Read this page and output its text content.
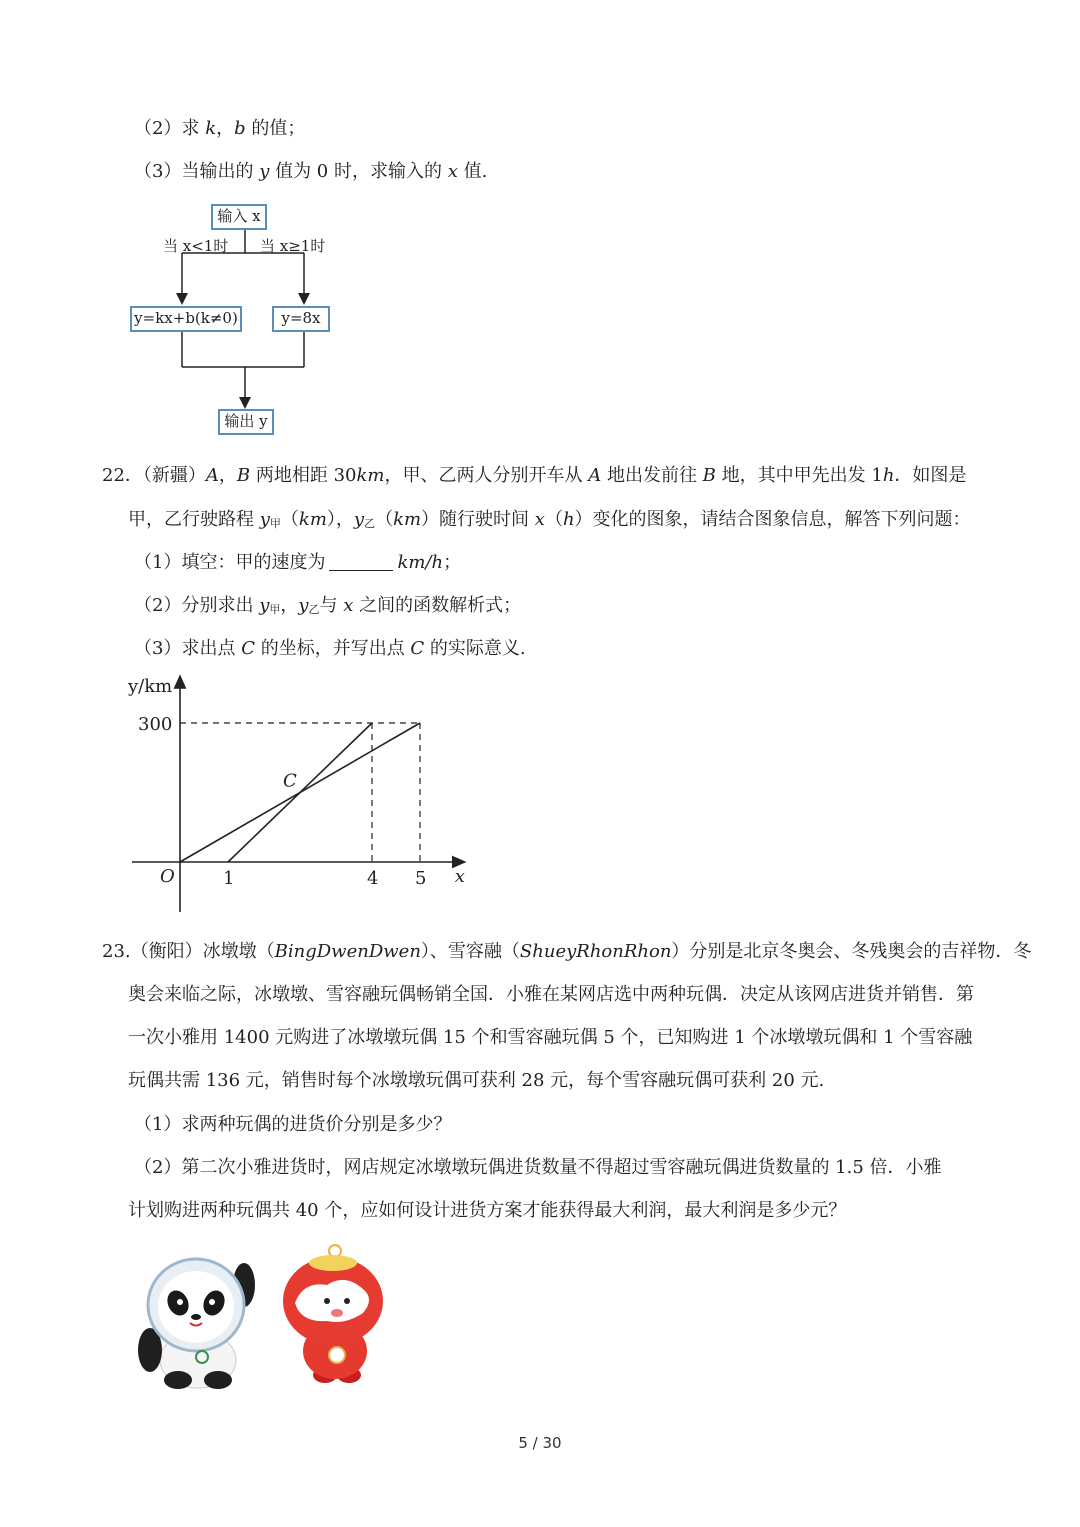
（2）求 k，b 的值；
（3）当输出的 y 值为 0 时，求输入的 x 值.
输入 x
当 x<1时 当 x≥1时
y=kx+b(k≠0)	y=8x
输出 y
22．（新疆）A，B 两地相距 30km，甲、乙两人分别开车从 A 地出发前往 B 地，其中甲先出发 1h．如图是
甲，乙行驶路程 y甲（km），y乙（km）随行驶时间 x（h）变化的图象，请结合图象信息，解答下列问题：
（1）填空：甲的速度为	km/h；
（2）分别求出 y甲，y乙与 x 之间的函数解析式；
（3）求出点 C 的坐标，并写出点 C 的实际意义.
y/km
300
O	1	4 5 x
C
23.（衡阳）冰墩墩（BingDwenDwen）、雪容融（ShueyRhonRhon）分别是北京冬奥会、冬残奥会的吉祥物．冬
奥会来临之际，冰墩墩、雪容融玩偶畅销全国．小雅在某网店选中两种玩偶．决定从该网店进货并销售．第
一次小雅用 1400 元购进了冰墩墩玩偶 15 个和雪容融玩偶 5 个，已知购进 1 个冰墩墩玩偶和 1 个雪容融
玩偶共需 136 元，销售时每个冰墩墩玩偶可获利 28 元，每个雪容融玩偶可获利 20 元.
（1）求两种玩偶的进货价分别是多少？
（2）第二次小雅进货时，网店规定冰墩墩玩偶进货数量不得超过雪容融玩偶进货数量的 1.5 倍．小雅
计划购进两种玩偶共 40 个，应如何设计进货方案才能获得最大利润，最大利润是多少元？
5 / 30
